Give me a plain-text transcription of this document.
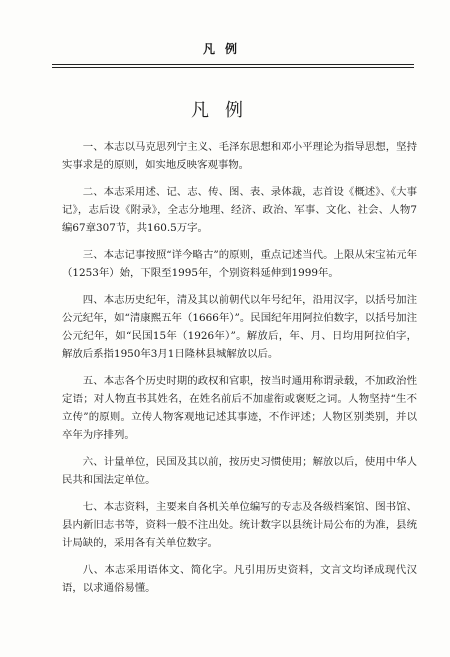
凡例
凡例

一、本志以马克思列宁主义、毛泽东思想和邓小平理论为指导思想，坚持实事求是的原则，如实地反映客观事物。

二、本志采用述、记、志、传、图、表、录体裁，志首设《概述》、《大事记》，志后设《附录》，全志分地理、经济、政治、军事、文化、社会、人物7编67章307节，共160.5万字。

三、本志记事按照“详今略古”的原则，重点记述当代。上限从宋宝祐元年（1253年）始，下限至1995年，个别资料延伸到1999年。

四、本志历史纪年，清及其以前朝代以年号纪年，沿用汉字，以括号加注公元纪年，如“清康熙五年（1666年）”。民国纪年用阿拉伯数字，以括号加注公元纪年，如“民国15年（1926年）”。解放后，年、月、日均用阿拉伯字，解放后系指1950年3月1日隆林县城解放以后。

五、本志各个历史时期的政权和官职，按当时通用称谓录载，不加政治性定语；对人物直书其姓名，在姓名前后不加虚衔或褒贬之词。人物坚持“生不立传”的原则。立传人物客观地记述其事迹，不作评述；人物区别类别，并以卒年为序排列。

六、计量单位，民国及其以前，按历史习惯使用；解放以后，使用中华人民共和国法定单位。

七、本志资料，主要来自各机关单位编写的专志及各级档案馆、图书馆、县内新旧志书等，资料一般不注出处。统计数字以县统计局公布的为准，县统计局缺的，采用各有关单位数字。

八、本志采用语体文、简化字。凡引用历史资料，文言文均译成现代汉语，以求通俗易懂。
